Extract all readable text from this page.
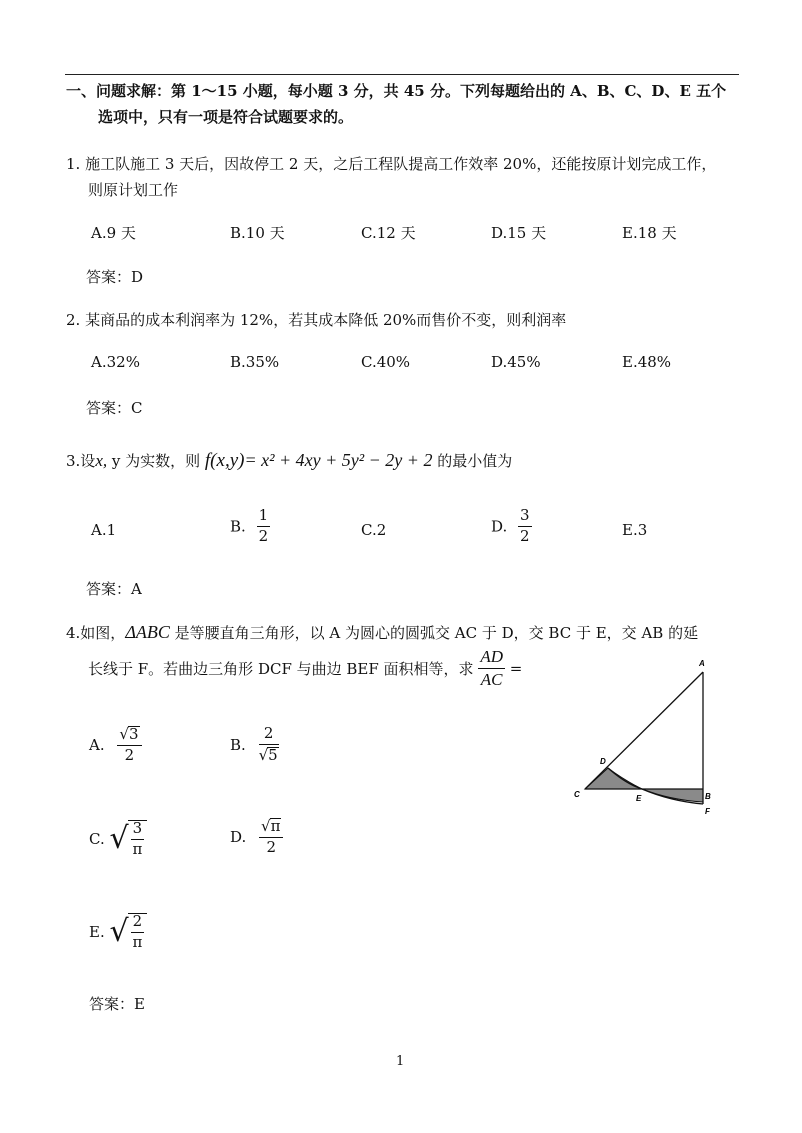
一、问题求解：第 1～15 小题，每小题 3 分，共 45 分。下列每题给出的 A、B、C、D、E 五个
选项中，只有一项是符合试题要求的。
1. 施工队施工 3 天后，因故停工 2 天，之后工程队提高工作效率 20%，还能按原计划完成工作，
则原计划工作
A.9 天	B.10 天	C.12 天	D.15 天	E.18 天
答案：D
2. 某商品的成本利润率为 12%，若其成本降低 20%而售价不变，则利润率
A.32%	B.35%	C.40%	D.45%	E.48%
答案：C
3.设x, y 为实数，则 f(x,y)= x² + 4xy + 5y² − 2y + 2 的最小值为
A.1	B. $\frac{1}{2}$	C.2	D. $\frac{3}{2}$	E.3
答案：A
4.如图，ΔABC 是等腰直角三角形，以 A 为圆心的圆弧交 AC 于 D，交 BC 于 E，交 AB 的延
长线于 F。若曲边三角形 DCF 与曲边 BEF 面积相等，求 $\frac{AD}{AC}$ =
A. $\frac{√3}{2}$	B. $\frac{2}{√5}$
C. √ $\frac{3}{\pi}$	D. $\frac{√\pi}{2}$
E. √ $\frac{2}{\pi}$
答案：E
A
B
C
D
E
F
1
